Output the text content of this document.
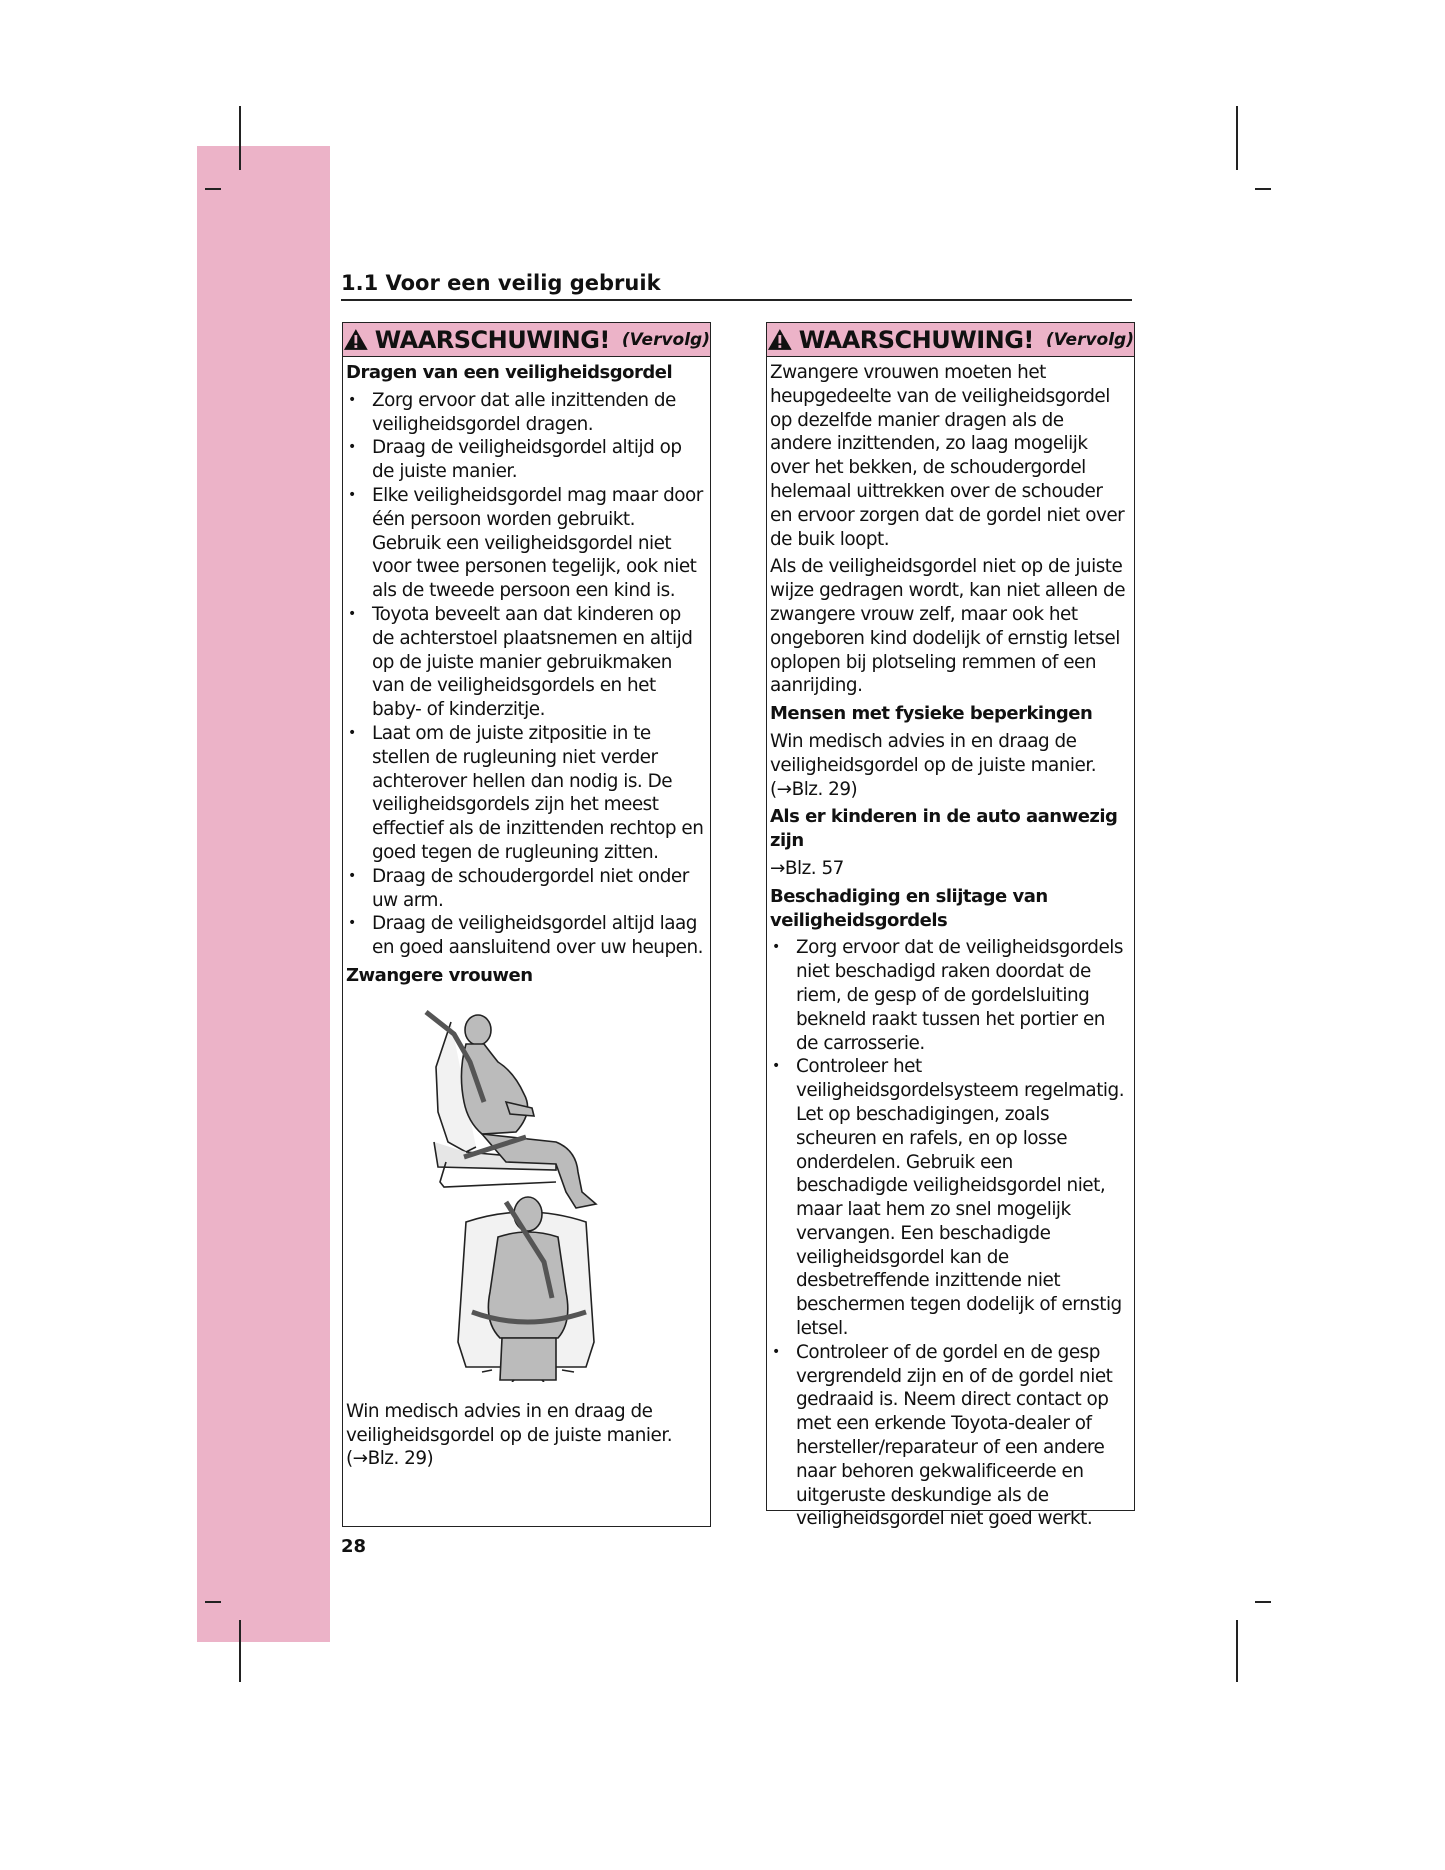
1.1 Voor een veilig gebruik
WAARSCHUWING! (Vervolg)

Dragen van een veiligheidsgordel

• Zorg ervoor dat alle inzittenden de veiligheidsgordel dragen.
• Draag de veiligheidsgordel altijd op de juiste manier.
• Elke veiligheidsgordel mag maar door één persoon worden gebruikt. Gebruik een veiligheidsgordel niet voor twee personen tegelijk, ook niet als de tweede persoon een kind is.
• Toyota beveelt aan dat kinderen op de achterstoel plaatsnemen en altijd op de juiste manier gebruikmaken van de veiligheidsgordels en het baby- of kinderzitje.
• Laat om de juiste zitpositie in te stellen de rugleuning niet verder achterover hellen dan nodig is. De veiligheidsgordels zijn het meest effectief als de inzittenden rechtop en goed tegen de rugleuning zitten.
• Draag de schoudergordel niet onder uw arm.
• Draag de veiligheidsgordel altijd laag en goed aansluitend over uw heupen.

Zwangere vrouwen

Win medisch advies in en draag de veiligheidsgordel op de juiste manier. (→Blz. 29)

WAARSCHUWING! (Vervolg)

Zwangere vrouwen moeten het heupgedeelte van de veiligheidsgordel op dezelfde manier dragen als de andere inzittenden, zo laag mogelijk over het bekken, de schoudergordel helemaal uittrekken over de schouder en ervoor zorgen dat de gordel niet over de buik loopt.

Als de veiligheidsgordel niet op de juiste wijze gedragen wordt, kan niet alleen de zwangere vrouw zelf, maar ook het ongeboren kind dodelijk of ernstig letsel oplopen bij plotseling remmen of een aanrijding.

Mensen met fysieke beperkingen

Win medisch advies in en draag de veiligheidsgordel op de juiste manier. (→Blz. 29)

Als er kinderen in de auto aanwezig zijn

→Blz. 57

Beschadiging en slijtage van veiligheidsgordels

• Zorg ervoor dat de veiligheidsgordels niet beschadigd raken doordat de riem, de gesp of de gordelsluiting bekneld raakt tussen het portier en de carrosserie.
• Controleer het veiligheidsgordelsysteem regelmatig. Let op beschadigingen, zoals scheuren en rafels, en op losse onderdelen. Gebruik een beschadigde veiligheidsgordel niet, maar laat hem zo snel mogelijk vervangen. Een beschadigde veiligheidsgordel kan de desbetreffende inzittende niet beschermen tegen dodelijk of ernstig letsel.
• Controleer of de gordel en de gesp vergrendeld zijn en of de gordel niet gedraaid is. Neem direct contact op met een erkende Toyota-dealer of hersteller/reparateur of een andere naar behoren gekwalificeerde en uitgeruste deskundige als de veiligheidsgordel niet goed werkt.
28
